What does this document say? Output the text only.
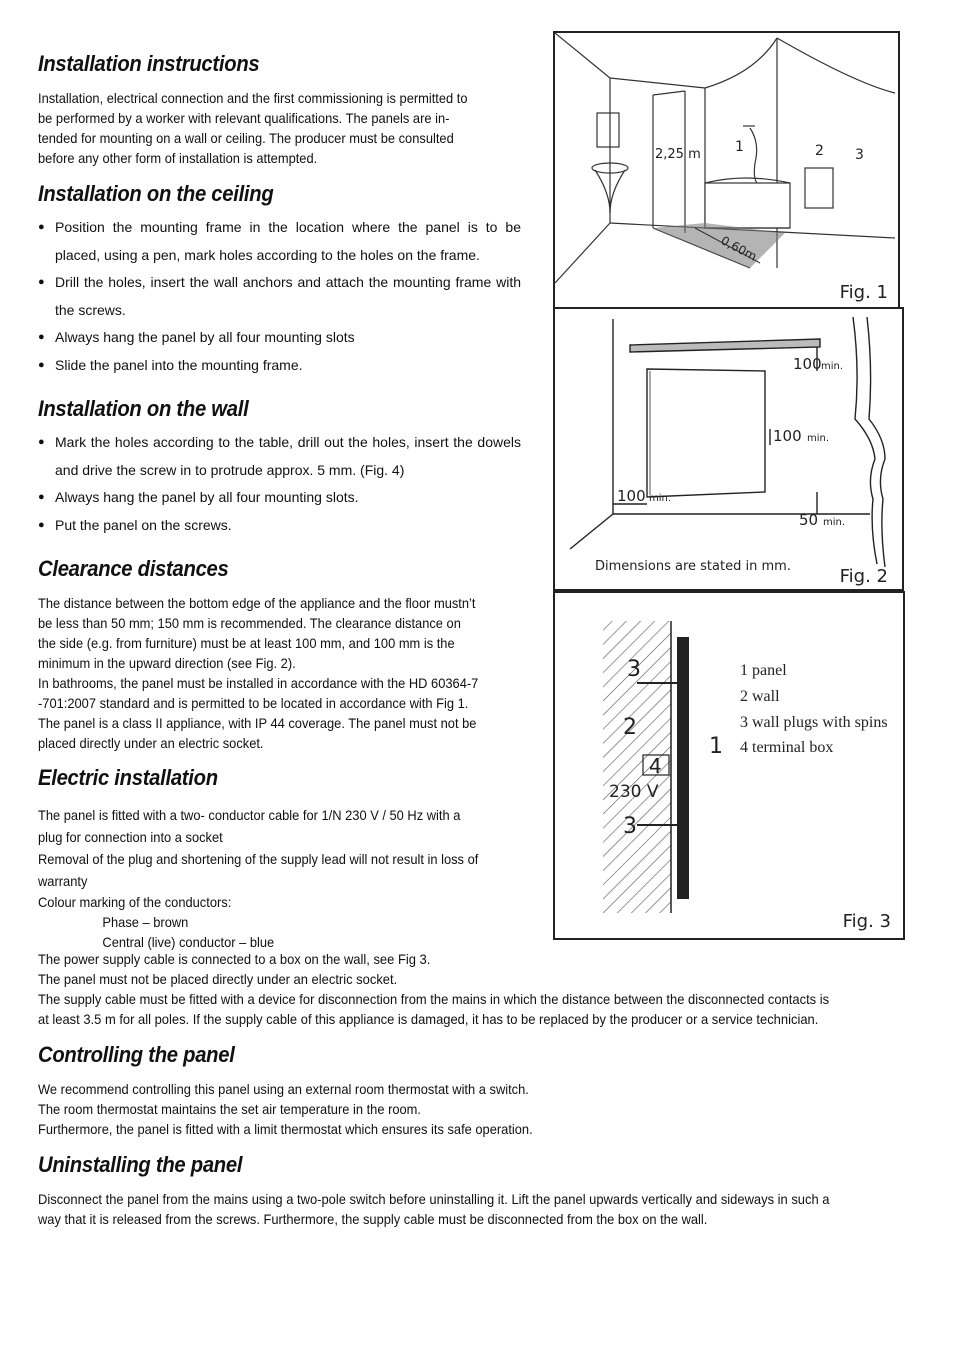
Installation instructions

Installation, electrical connection and the first commissioning is permitted to

be performed by a worker with relevant qualifications. The panels are in-

tended for mounting on a wall or ceiling. The producer must be consulted

before any other form of installation is attempted.

Installation on the ceiling
● Position the mounting frame in the location where the panel is to be placed, using a pen, mark holes according to the holes on the frame.
● Drill the holes, insert the wall anchors and attach the mounting frame with the screws.
● Always hang the panel by all four mounting slots
● Slide the panel into the mounting frame.
Installation on the wall
● Mark the holes according to the table, drill out the holes, insert the dowels and drive the screw in to protrude approx. 5 mm. (Fig. 4)
● Always hang the panel by all four mounting slots.
● Put the panel on the screws.
Clearance distances

The distance between the bottom edge of the appliance and the floor mustn’t

be less than 50 mm; 150 mm is recommended. The clearance distance on

the side (e.g. from furniture) must be at least 100 mm, and 100 mm is the

minimum in the upward direction (see Fig. 2).

In bathrooms, the panel must be installed in accordance with the HD 60364-7

-701:2007 standard and is permitted to be located in accordance with Fig 1.

The panel is a class II appliance, with IP 44 coverage. The panel must not be

placed directly under an electric socket.

Electric installation

The panel is fitted with a two- conductor cable for 1/N 230 V / 50 Hz with a

plug for connection into a socket

Removal of the plug and shortening of the supply lead will not result in loss of

warranty

Colour marking of the conductors:

Phase – brown

Central (live) conductor – blue

The power supply cable is connected to a box on the wall, see Fig 3.

The panel must not be placed directly under an electric socket.

The supply cable must be fitted with a device for disconnection from the mains in which the distance between the disconnected contacts is

at least 3.5 m for all poles. If the supply cable of this appliance is damaged, it has to be replaced by the producer or a service technician.

Controlling the panel

We recommend controlling this panel using an external room thermostat with a switch.

The room thermostat maintains the set air temperature in the room.

Furthermore, the panel is fitted with a limit thermostat which ensures its safe operation.

Uninstalling the panel

Disconnect the panel from the mains using a two-pole switch before uninstalling it. Lift the panel upwards vertically and sideways in such a

way that it is released from the screws. Furthermore, the supply cable must be disconnected from the box on the wall.

2,25 m
0,60m
1	2 3
Fig. 1
100 min.
100 min.
100 min.
50 min.
Dimensions are stated in mm.	Fig. 2
3
2
4
230 V
3
1
1 panel
2 wall
3 wall plugs with spins
4 terminal box
Fig. 3
